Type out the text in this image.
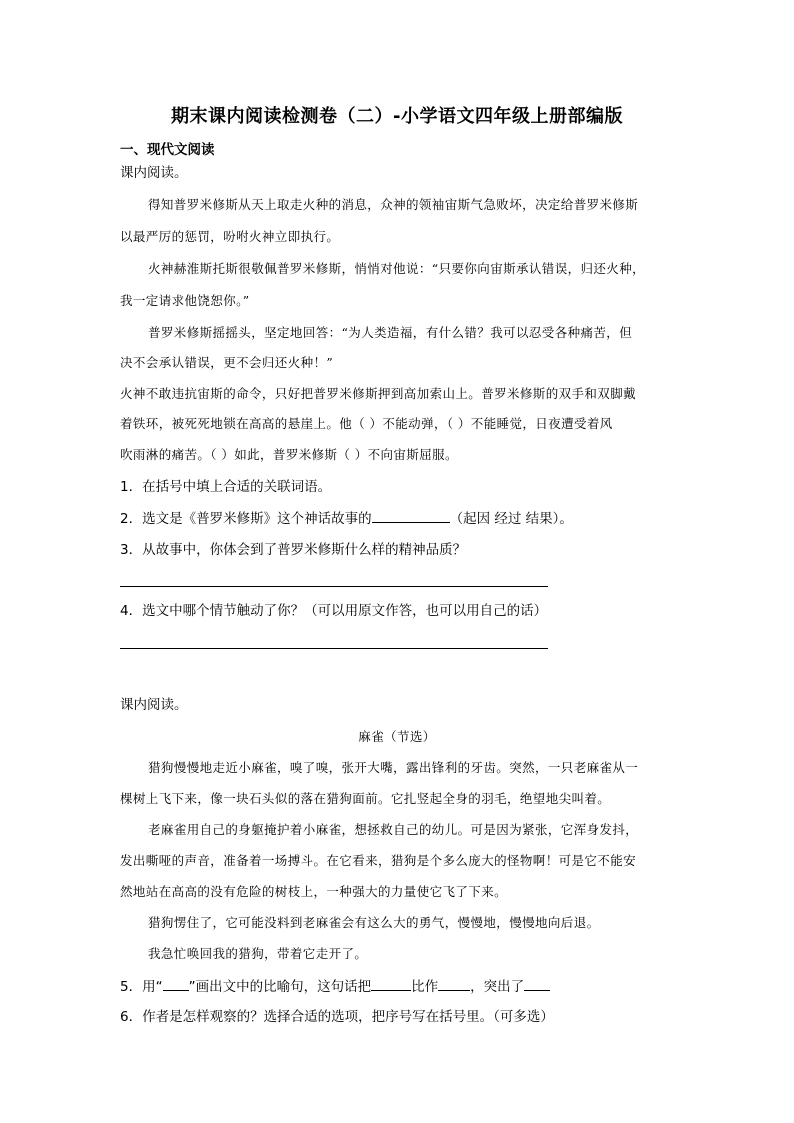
期末课内阅读检测卷（二）-小学语文四年级上册部编版
一、现代文阅读
课内阅读。
得知普罗米修斯从天上取走火种的消息，众神的领袖宙斯气急败坏，决定给普罗米修斯
以最严厉的惩罚，吩咐火神立即执行。
火神赫淮斯托斯很敬佩普罗米修斯，悄悄对他说：“只要你向宙斯承认错误，归还火种，
我一定请求他饶恕你。”
普罗米修斯摇摇头，坚定地回答：“为人类造福，有什么错？我可以忍受各种痛苦，但
决不会承认错误，更不会归还火种！”
火神不敢违抗宙斯的命令，只好把普罗米修斯押到高加索山上。普罗米修斯的双手和双脚戴
着铁环，被死死地锁在高高的悬崖上。他（ ）不能动弹，（ ）不能睡觉，日夜遭受着风
吹雨淋的痛苦。（ ）如此，普罗米修斯（ ）不向宙斯屈服。
1．在括号中填上合适的关联词语。
2．选文是《普罗米修斯》这个神话故事的	（起因 经过 结果）。
3．从故事中，你体会到了普罗米修斯什么样的精神品质？
4．选文中哪个情节触动了你？（可以用原文作答，也可以用自己的话）
课内阅读。
麻雀（节选）
猎狗慢慢地走近小麻雀，嗅了嗅，张开大嘴，露出锋利的牙齿。突然，一只老麻雀从一
棵树上飞下来，像一块石头似的落在猎狗面前。它扎竖起全身的羽毛，绝望地尖叫着。
老麻雀用自己的身躯掩护着小麻雀，想拯救自己的幼儿。可是因为紧张，它浑身发抖，
发出嘶哑的声音，准备着一场搏斗。在它看来，猎狗是个多么庞大的怪物啊！可是它不能安
然地站在高高的没有危险的树枝上，一种强大的力量使它飞了下来。
猎狗愣住了，它可能没料到老麻雀会有这么大的勇气，慢慢地，慢慢地向后退。
我急忙唤回我的猎狗，带着它走开了。
5．用“ ”画出文中的比喻句，这句话把	比作 ，突出了
6．作者是怎样观察的？选择合适的选项，把序号写在括号里。（可多选）
